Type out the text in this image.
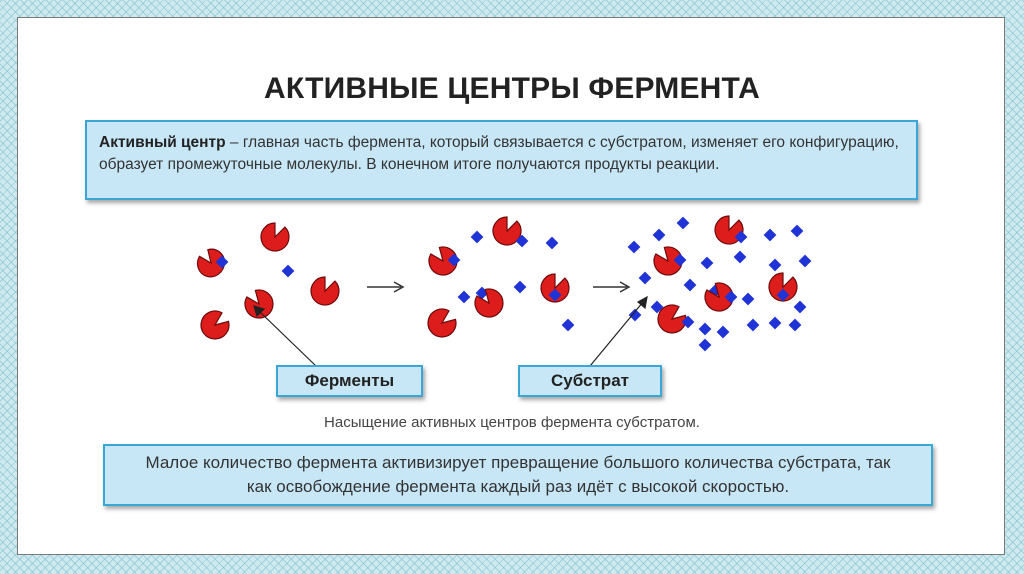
АКТИВНЫЕ ЦЕНТРЫ ФЕРМЕНТА
Активный центр – главная часть фермента, который связывается с субстратом, изменяет его конфигурацию, образует промежуточные молекулы. В конечном итоге получаются продукты реакции.
Ферменты	Субстрат
Насыщение активных центров фермента субстратом.
Малое количество фермента активизирует превращение большого количества субстрата, так как освобождение фермента каждый раз идёт с высокой скоростью.
